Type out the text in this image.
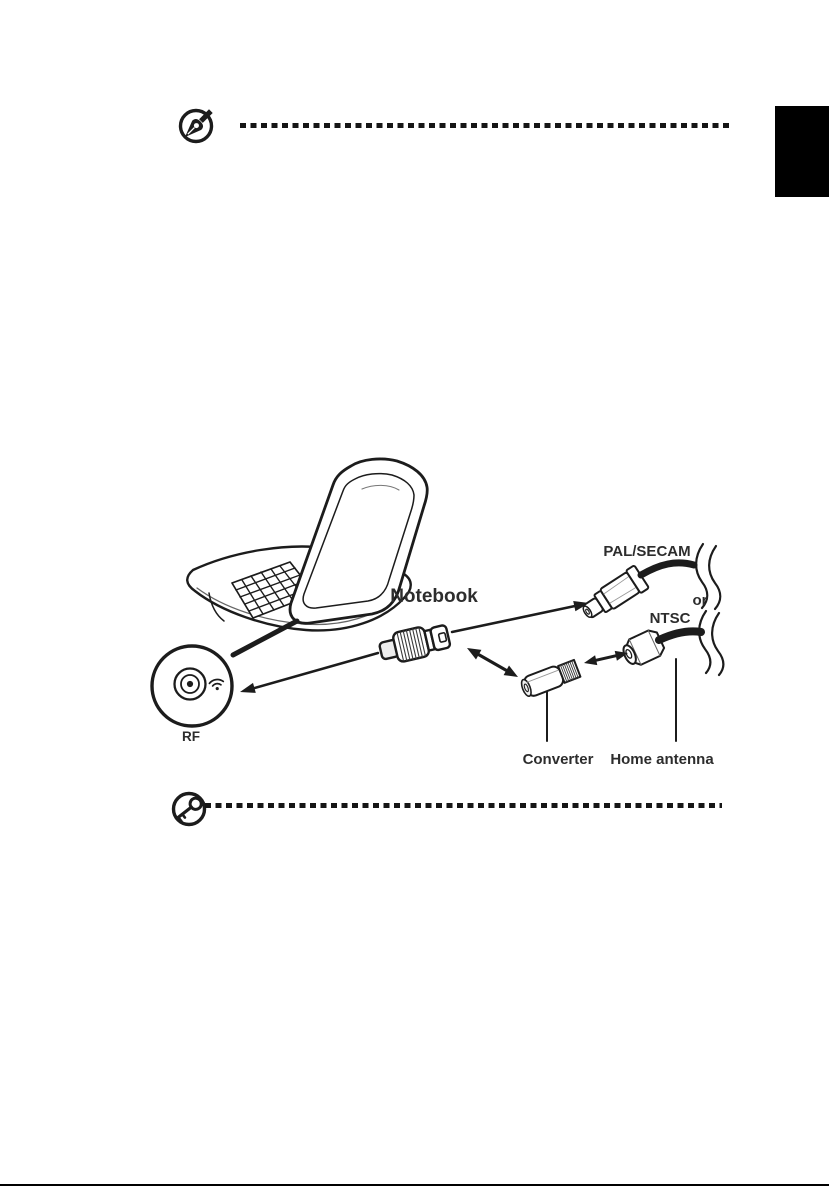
Notebook
PAL/SECAM
or
NTSC
Converter	Home antenna
RF
